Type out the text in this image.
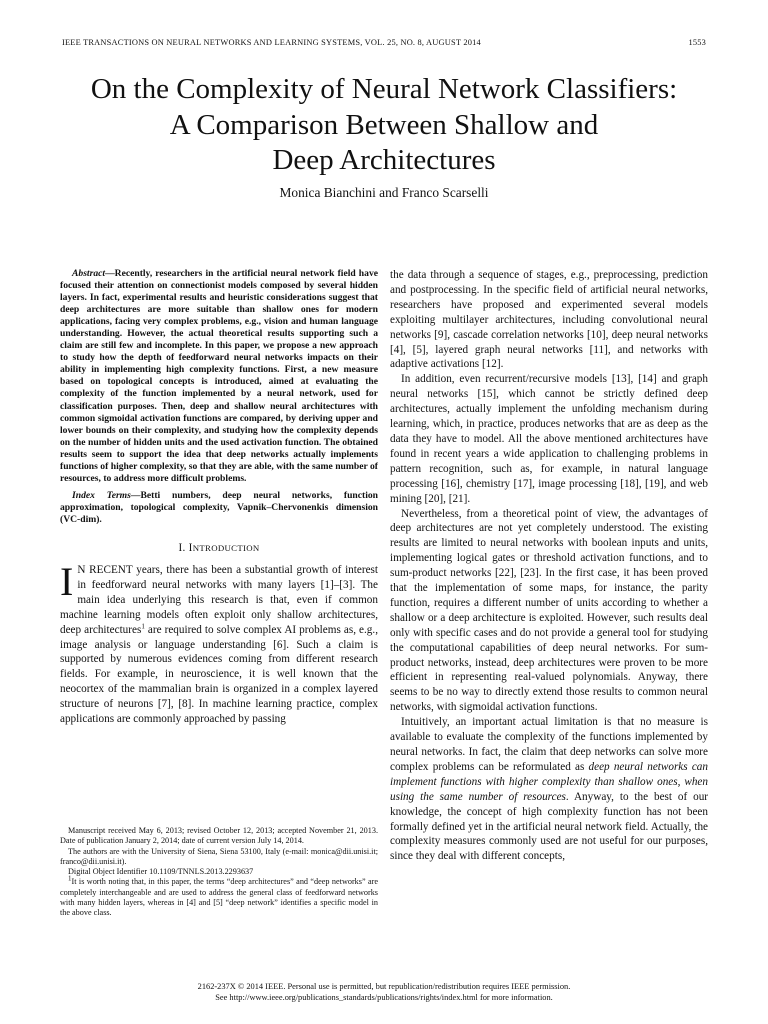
IEEE TRANSACTIONS ON NEURAL NETWORKS AND LEARNING SYSTEMS, VOL. 25, NO. 8, AUGUST 2014	1553
On the Complexity of Neural Network Classifiers:
A Comparison Between Shallow and
Deep Architectures
Monica Bianchini and Franco Scarselli

Abstract—Recently, researchers in the artificial neural network field have focused their attention on connectionist models composed by several hidden layers. In fact, experimental results and heuristic considerations suggest that deep architectures are more suitable than shallow ones for modern applications, facing very complex problems, e.g., vision and human language understanding. However, the actual theoretical results supporting such a claim are still few and incomplete. In this paper, we propose a new approach to study how the depth of feedforward neural networks impacts on their ability in implementing high complexity functions. First, a new measure based on topological concepts is introduced, aimed at evaluating the complexity of the function implemented by a neural network, used for classification purposes. Then, deep and shallow neural architectures with common sigmoidal activation functions are compared, by deriving upper and lower bounds on their complexity, and studying how the complexity depends on the number of hidden units and the used activation function. The obtained results seem to support the idea that deep networks actually implements functions of higher complexity, so that they are able, with the same number of resources, to address more difficult problems.

Index Terms—Betti numbers, deep neural networks, function approximation, topological complexity, Vapnik–Chervonenkis dimension (VC-dim).

I. INTRODUCTION

I N RECENT years, there has been a substantial growth of interest in feedforward neural networks with many layers [1]–[3]. The main idea underlying this research is that, even if common machine learning models often exploit only shallow architectures, deep architectures$^1$ are required to solve complex AI problems as, e.g., image analysis or language understanding [6]. Such a claim is supported by numerous evidences coming from different research fields. For example, in neuroscience, it is well known that the neocortex of the mammalian brain is organized in a complex layered structure of neurons [7], [8]. In machine learning practice, complex applications are commonly approached by passing

Manuscript received May 6, 2013; revised October 12, 2013; accepted November 21, 2013. Date of publication January 2, 2014; date of current version July 14, 2014.

The authors are with the University of Siena, Siena 53100, Italy (e-mail: monica@dii.unisi.it; franco@dii.unisi.it).

Digital Object Identifier 10.1109/TNNLS.2013.2293637

$^1$It is worth noting that, in this paper, the terms “deep architectures” and “deep networks” are completely interchangeable and are used to address the general class of feedforward networks with many hidden layers, whereas in [4] and [5] “deep network” identifies a specific model in the above class.

the data through a sequence of stages, e.g., preprocessing, prediction and postprocessing. In the specific field of artificial neural networks, researchers have proposed and experimented several models exploiting multilayer architectures, including convolutional neural networks [9], cascade correlation networks [10], deep neural networks [4], [5], layered graph neural networks [11], and networks with adaptive activations [12].

In addition, even recurrent/recursive models [13], [14] and graph neural networks [15], which cannot be strictly defined deep architectures, actually implement the unfolding mechanism during learning, which, in practice, produces networks that are as deep as the data they have to model. All the above mentioned architectures have found in recent years a wide application to challenging problems in pattern recognition, such as, for example, in natural language processing [16], chemistry [17], image processing [18], [19], and web mining [20], [21].

Nevertheless, from a theoretical point of view, the advantages of deep architectures are not yet completely understood. The existing results are limited to neural networks with boolean inputs and units, implementing logical gates or threshold activation functions, and to sum-product networks [22], [23]. In the first case, it has been proved that the implementation of some maps, for instance, the parity function, requires a different number of units according to whether a shallow or a deep architecture is exploited. However, such results deal only with specific cases and do not provide a general tool for studying the computational capabilities of deep neural networks. For sum-product networks, instead, deep architectures were proven to be more efficient in representing real-valued polynomials. Anyway, there seems to be no way to directly extend those results to common neural networks, with sigmoidal activation functions.

Intuitively, an important actual limitation is that no measure is available to evaluate the complexity of the functions implemented by neural networks. In fact, the claim that deep networks can solve more complex problems can be reformulated as deep neural networks can implement functions with higher complexity than shallow ones, when using the same number of resources. Anyway, to the best of our knowledge, the concept of high complexity function has not been formally defined yet in the artificial neural network field. Actually, the complexity measures commonly used are not useful for our purposes, since they deal with different concepts,

2162-237X © 2014 IEEE. Personal use is permitted, but republication/redistribution requires IEEE permission.
See http://www.ieee.org/publications_standards/publications/rights/index.html for more information.
